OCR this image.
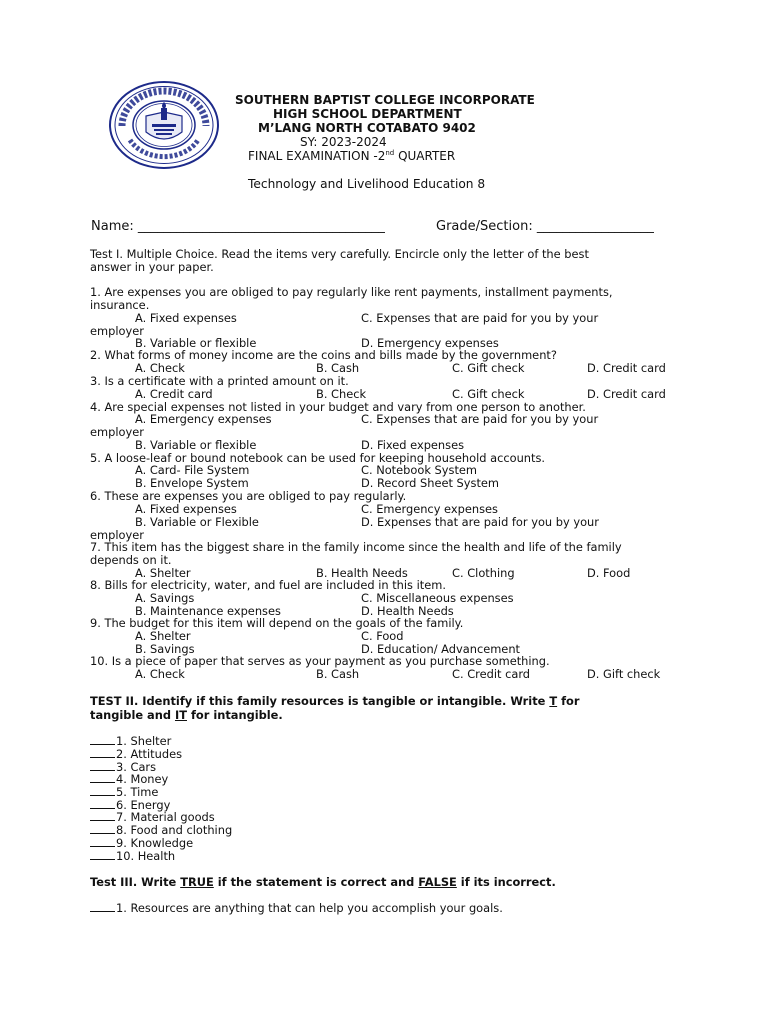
SOUTHERN BAPTIST COLLEGE INCORPORATE
HIGH SCHOOL DEPARTMENT
M’LANG NORTH COTABATO 9402
SY: 2023-2024
FINAL EXAMINATION -2nd QUARTER
Technology and Livelihood Education 8
Name: ______________________________________	Grade/Section: __________________
Test I. Multiple Choice. Read the items very carefully. Encircle only the letter of the best
answer in your paper.
1. Are expenses you are obliged to pay regularly like rent payments, installment payments,
insurance.
A. Fixed expenses	C. Expenses that are paid for you by your
employer
B. Variable or flexible	D. Emergency expenses
2. What forms of money income are the coins and bills made by the government?
A. Check	B. Cash	C. Gift check	D. Credit card
3. Is a certificate with a printed amount on it.
A. Credit card	B. Check	C. Gift check	D. Credit card
4. Are special expenses not listed in your budget and vary from one person to another.
A. Emergency expenses	C. Expenses that are paid for you by your
employer
B. Variable or flexible	D. Fixed expenses
5. A loose-leaf or bound notebook can be used for keeping household accounts.
A. Card- File System	C. Notebook System
B. Envelope System	D. Record Sheet System
6. These are expenses you are obliged to pay regularly.
A. Fixed expenses	C. Emergency expenses
B. Variable or Flexible	D. Expenses that are paid for you by your
employer
7. This item has the biggest share in the family income since the health and life of the family
depends on it.
A. Shelter	B. Health Needs	C. Clothing	D. Food
8. Bills for electricity, water, and fuel are included in this item.
A. Savings	C. Miscellaneous expenses
B. Maintenance expenses	D. Health Needs
9. The budget for this item will depend on the goals of the family.
A. Shelter	C. Food
B. Savings	D. Education/ Advancement
10. Is a piece of paper that serves as your payment as you purchase something.
A. Check	B. Cash	C. Credit card	D. Gift check
TEST II. Identify if this family resources is tangible or intangible. Write T for
tangible and IT for intangible.
1. Shelter
2. Attitudes
3. Cars
4. Money
5. Time
6. Energy
7. Material goods
8. Food and clothing
9. Knowledge
10. Health
Test III. Write TRUE if the statement is correct and FALSE if its incorrect.
1. Resources are anything that can help you accomplish your goals.
